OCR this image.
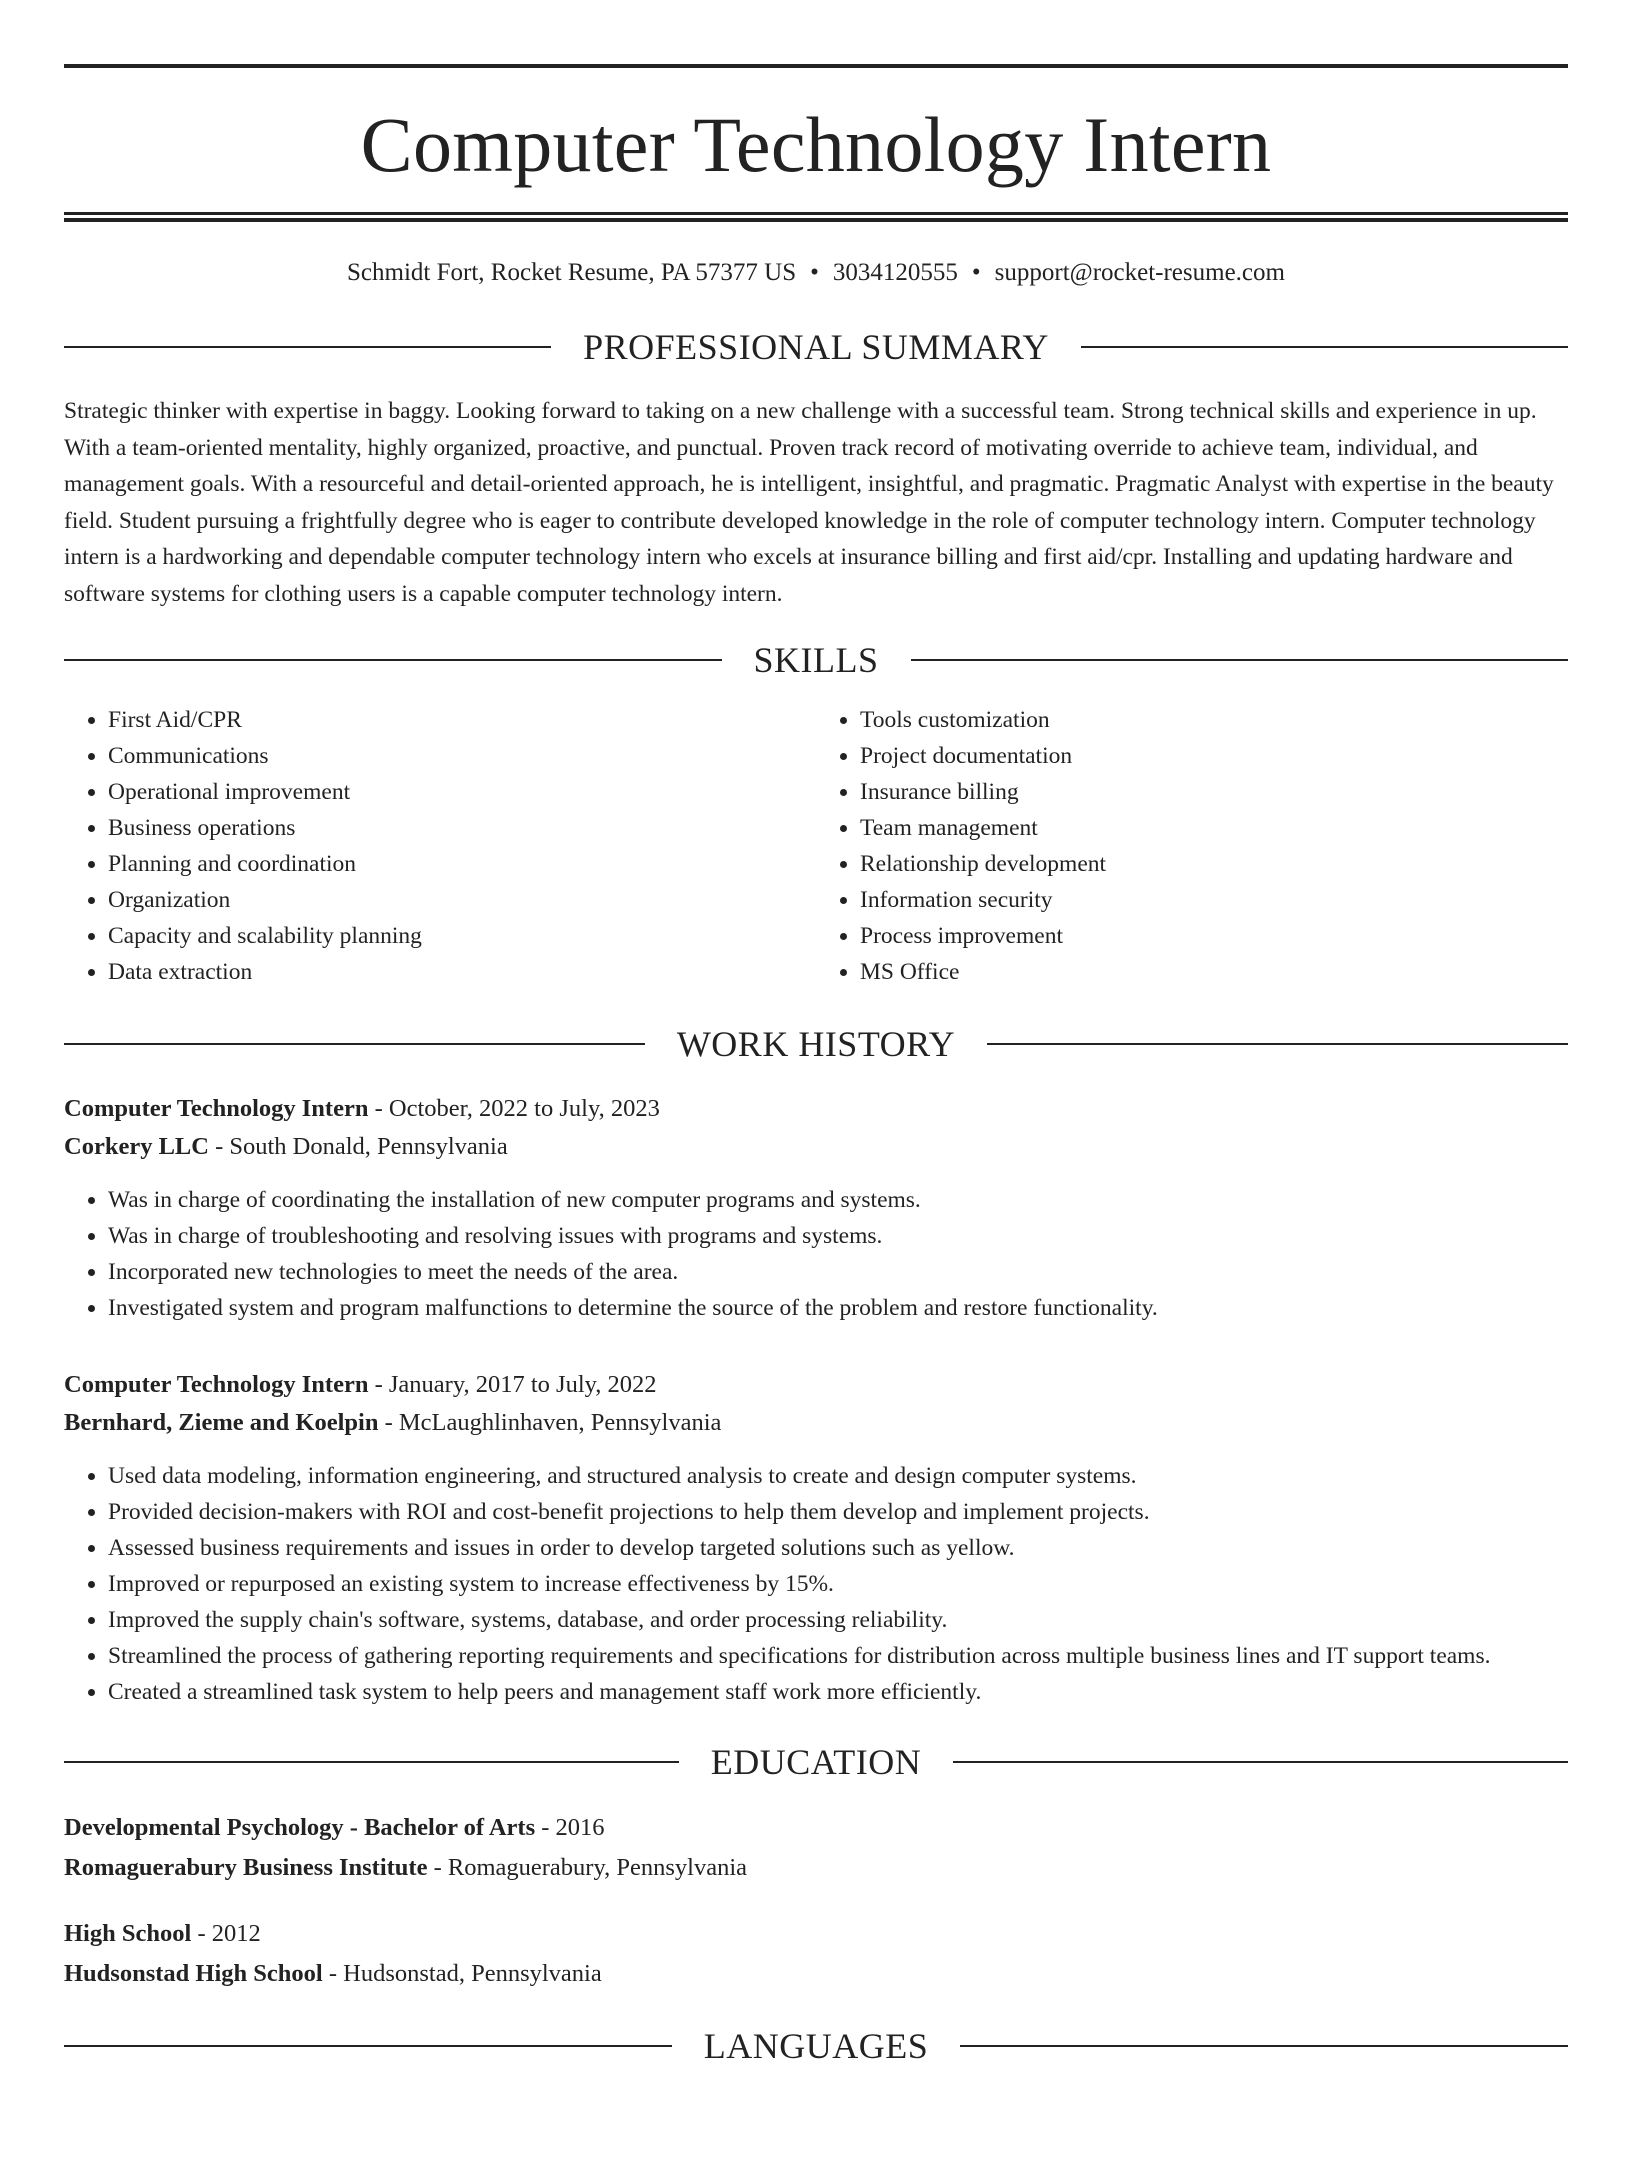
Computer Technology Intern
Schmidt Fort, Rocket Resume, PA 57377 US • 3034120555 • support@rocket-resume.com
PROFESSIONAL SUMMARY
Strategic thinker with expertise in baggy. Looking forward to taking on a new challenge with a successful team. Strong technical skills and experience in up. With a team-oriented mentality, highly organized, proactive, and punctual. Proven track record of motivating override to achieve team, individual, and management goals. With a resourceful and detail-oriented approach, he is intelligent, insightful, and pragmatic. Pragmatic Analyst with expertise in the beauty field. Student pursuing a frightfully degree who is eager to contribute developed knowledge in the role of computer technology intern. Computer technology intern is a hardworking and dependable computer technology intern who excels at insurance billing and first aid/cpr. Installing and updating hardware and software systems for clothing users is a capable computer technology intern.
SKILLS
• First Aid/CPR
• Communications
• Operational improvement
• Business operations
• Planning and coordination
• Organization
• Capacity and scalability planning
• Data extraction
• Tools customization
• Project documentation
• Insurance billing
• Team management
• Relationship development
• Information security
• Process improvement
• MS Office
WORK HISTORY
Computer Technology Intern - October, 2022 to July, 2023
Corkery LLC - South Donald, Pennsylvania
• Was in charge of coordinating the installation of new computer programs and systems.
• Was in charge of troubleshooting and resolving issues with programs and systems.
• Incorporated new technologies to meet the needs of the area.
• Investigated system and program malfunctions to determine the source of the problem and restore functionality.
Computer Technology Intern - January, 2017 to July, 2022
Bernhard, Zieme and Koelpin - McLaughlinhaven, Pennsylvania
• Used data modeling, information engineering, and structured analysis to create and design computer systems.
• Provided decision-makers with ROI and cost-benefit projections to help them develop and implement projects.
• Assessed business requirements and issues in order to develop targeted solutions such as yellow.
• Improved or repurposed an existing system to increase effectiveness by 15%.
• Improved the supply chain's software, systems, database, and order processing reliability.
• Streamlined the process of gathering reporting requirements and specifications for distribution across multiple business lines and IT support teams.
• Created a streamlined task system to help peers and management staff work more efficiently.
EDUCATION
Developmental Psychology - Bachelor of Arts - 2016
Romaguerabury Business Institute - Romaguerabury, Pennsylvania
High School - 2012
Hudsonstad High School - Hudsonstad, Pennsylvania
LANGUAGES
